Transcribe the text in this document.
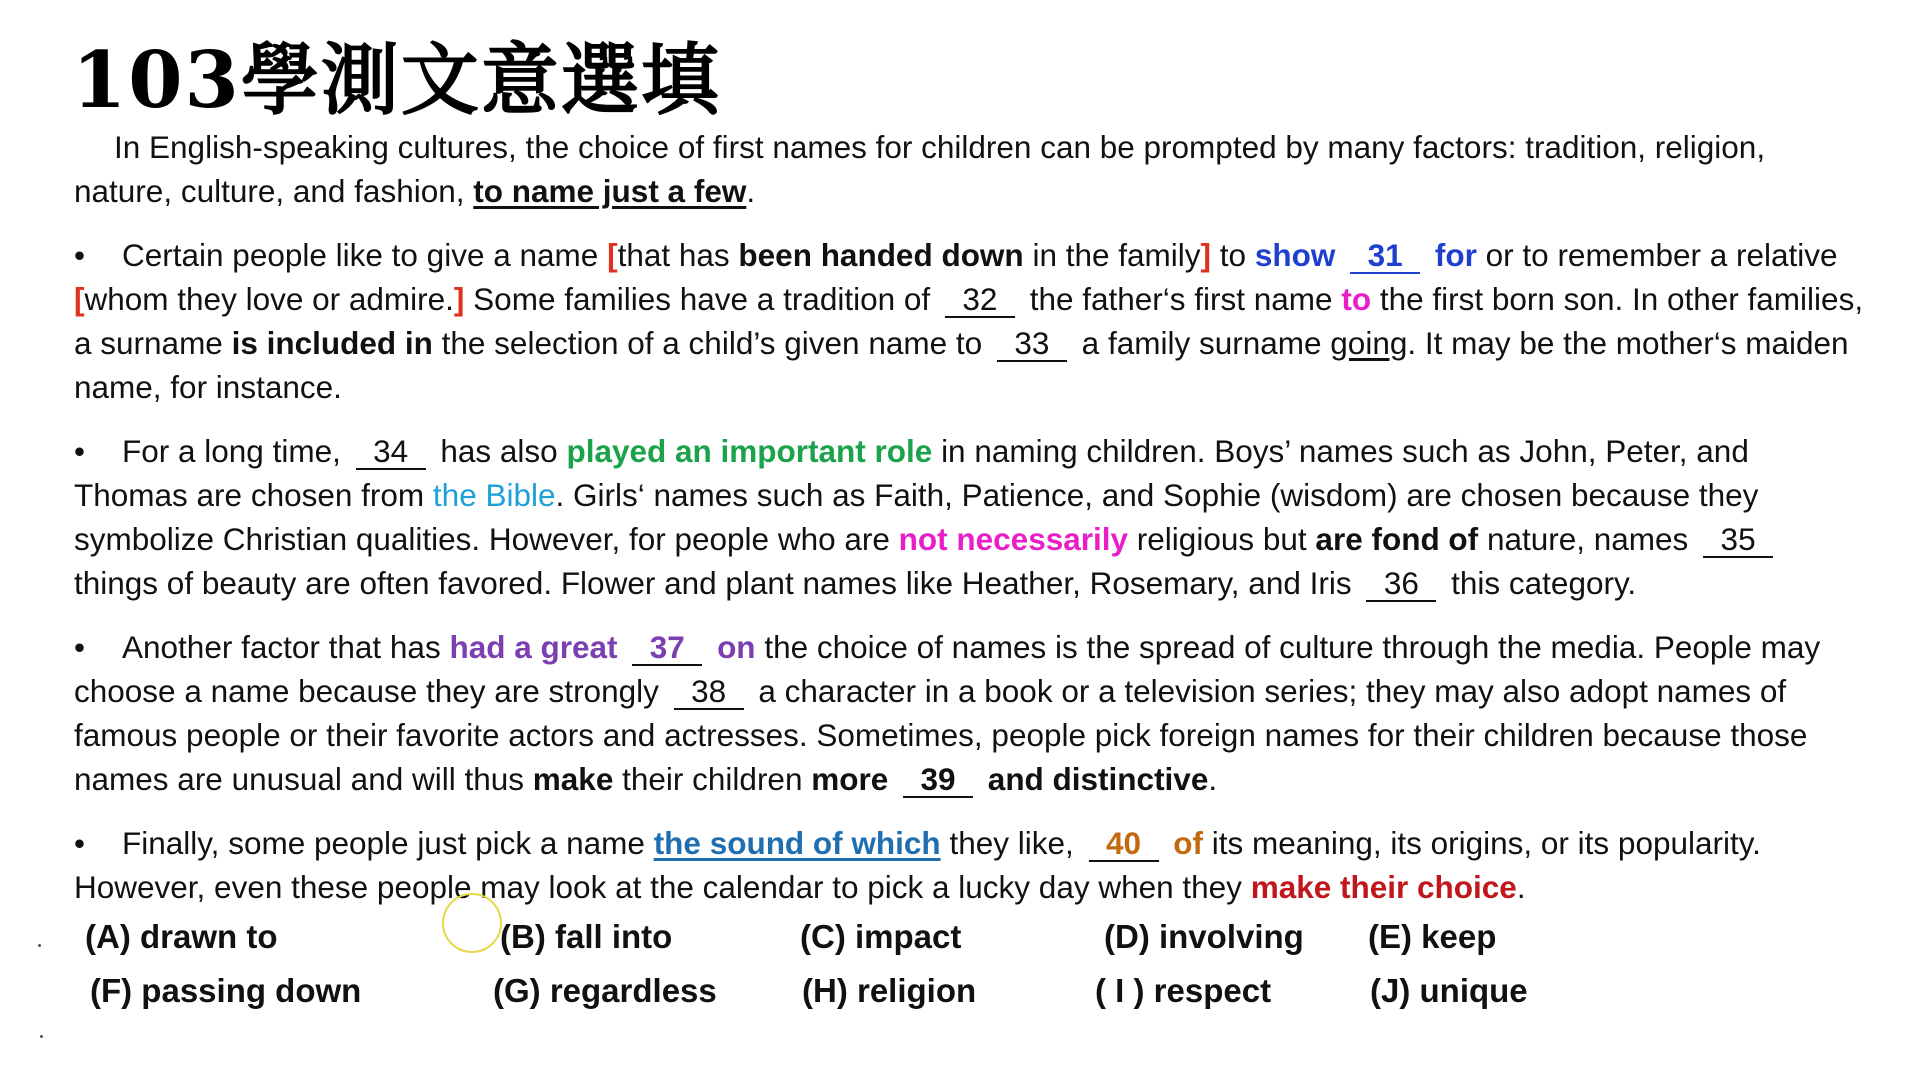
103學測文意選填

In English-speaking cultures, the choice of first names for children can be prompted by many factors: tradition, religion, nature, culture, and fashion, to name just a few.

• Certain people like to give a name [that has been handed down in the family] to show 31 for or to remember a relative [whom they love or admire.] Some families have a tradition of 32 the father‘s first name to the first born son. In other families, a surname is included in the selection of a child’s given name to 33 a family surname going. It may be the mother‘s maiden name, for instance.

• For a long time, 34 has also played an important role in naming children. Boys’ names such as John, Peter, and Thomas are chosen from the Bible. Girls‘ names such as Faith, Patience, and Sophie (wisdom) are chosen because they symbolize Christian qualities. However, for people who are not necessarily religious but are fond of nature, names 35 things of beauty are often favored. Flower and plant names like Heather, Rosemary, and Iris 36 this category.

• Another factor that has had a great 37 on the choice of names is the spread of culture through the media. People may choose a name because they are strongly 38 a character in a book or a television series; they may also adopt names of famous people or their favorite actors and actresses. Sometimes, people pick foreign names for their children because those names are unusual and will thus make their children more 39 and distinctive.

• Finally, some people just pick a name the sound of which they like, 40 of its meaning, its origins, or its popularity. However, even these people may look at the calendar to pick a lucky day when they make their choice.

(A) drawn to	(B) fall into	(C) impact	(D) involving (E) keep
(F) passing down	(G) regardless	(H) religion	( I ) respect	(J) unique
